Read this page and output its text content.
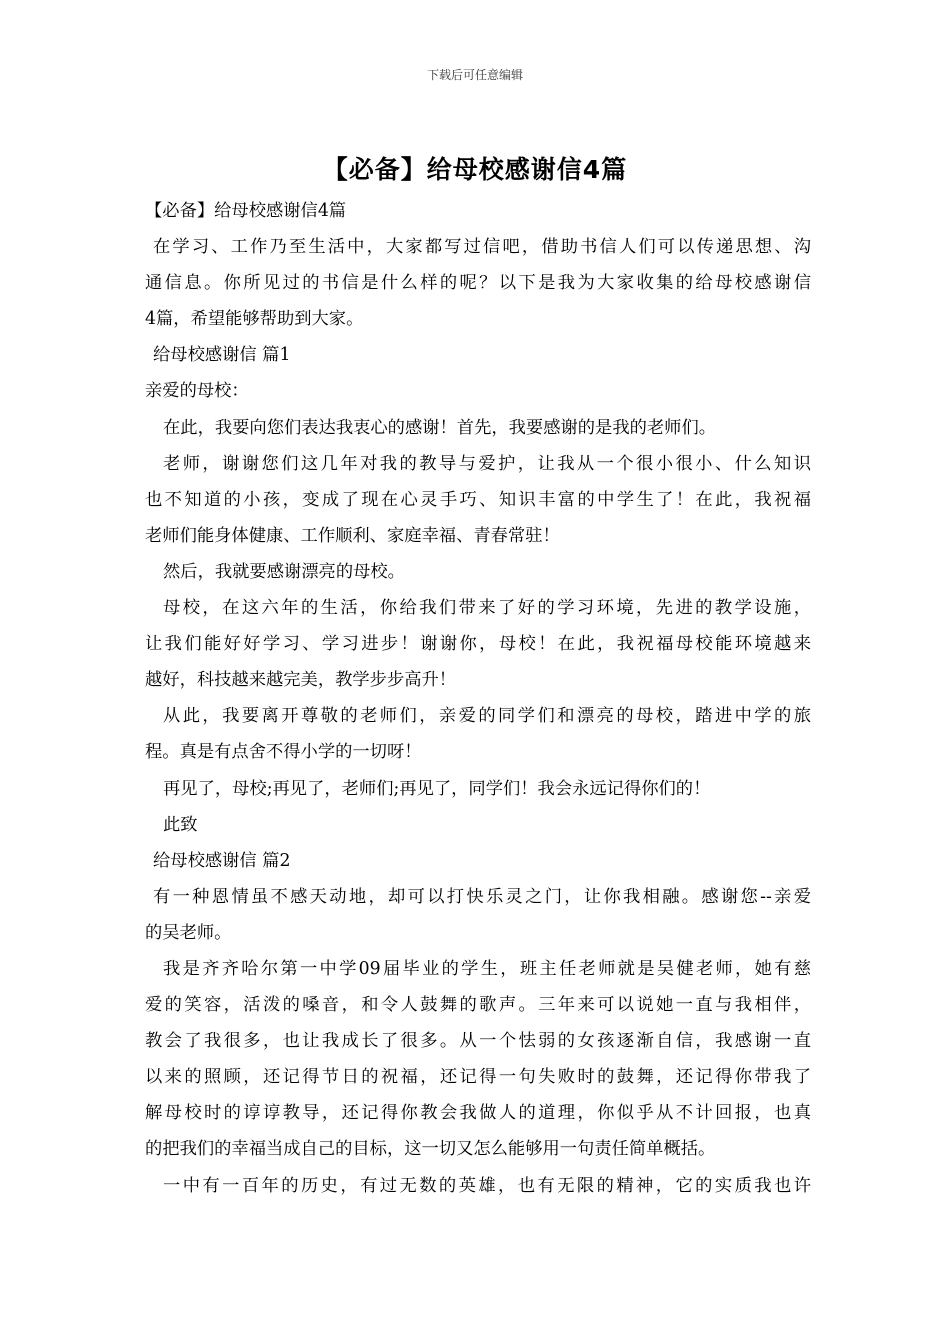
下载后可任意编辑
【必备】给母校感谢信4篇
【必备】给母校感谢信4篇
在学习、工作乃至生活中，大家都写过信吧，借助书信人们可以传递思想、沟
通信息。你所见过的书信是什么样的呢？以下是我为大家收集的给母校感谢信
4篇，希望能够帮助到大家。
给母校感谢信 篇1
亲爱的母校：
在此，我要向您们表达我衷心的感谢！首先，我要感谢的是我的老师们。
老师，谢谢您们这几年对我的教导与爱护，让我从一个很小很小、什么知识
也不知道的小孩，变成了现在心灵手巧、知识丰富的中学生了！在此，我祝福
老师们能身体健康、工作顺利、家庭幸福、青春常驻！
然后，我就要感谢漂亮的母校。
母校，在这六年的生活，你给我们带来了好的学习环境，先进的教学设施，
让我们能好好学习、学习进步！谢谢你，母校！在此，我祝福母校能环境越来
越好，科技越来越完美，教学步步高升！
从此，我要离开尊敬的老师们，亲爱的同学们和漂亮的母校，踏进中学的旅
程。真是有点舍不得小学的一切呀！
再见了，母校;再见了，老师们;再见了，同学们！我会永远记得你们的！
此致
给母校感谢信 篇2
有一种恩情虽不感天动地，却可以打快乐灵之门，让你我相融。感谢您--亲爱
的吴老师。
我是齐齐哈尔第一中学09届毕业的学生，班主任老师就是吴健老师，她有慈
爱的笑容，活泼的嗓音，和令人鼓舞的歌声。三年来可以说她一直与我相伴，
教会了我很多，也让我成长了很多。从一个怯弱的女孩逐渐自信，我感谢一直
以来的照顾，还记得节日的祝福，还记得一句失败时的鼓舞，还记得你带我了
解母校时的谆谆教导，还记得你教会我做人的道理，你似乎从不计回报，也真
的把我们的幸福当成自己的目标，这一切又怎么能够用一句责任简单概括。
一中有一百年的历史，有过无数的英雄，也有无限的精神，它的实质我也许
